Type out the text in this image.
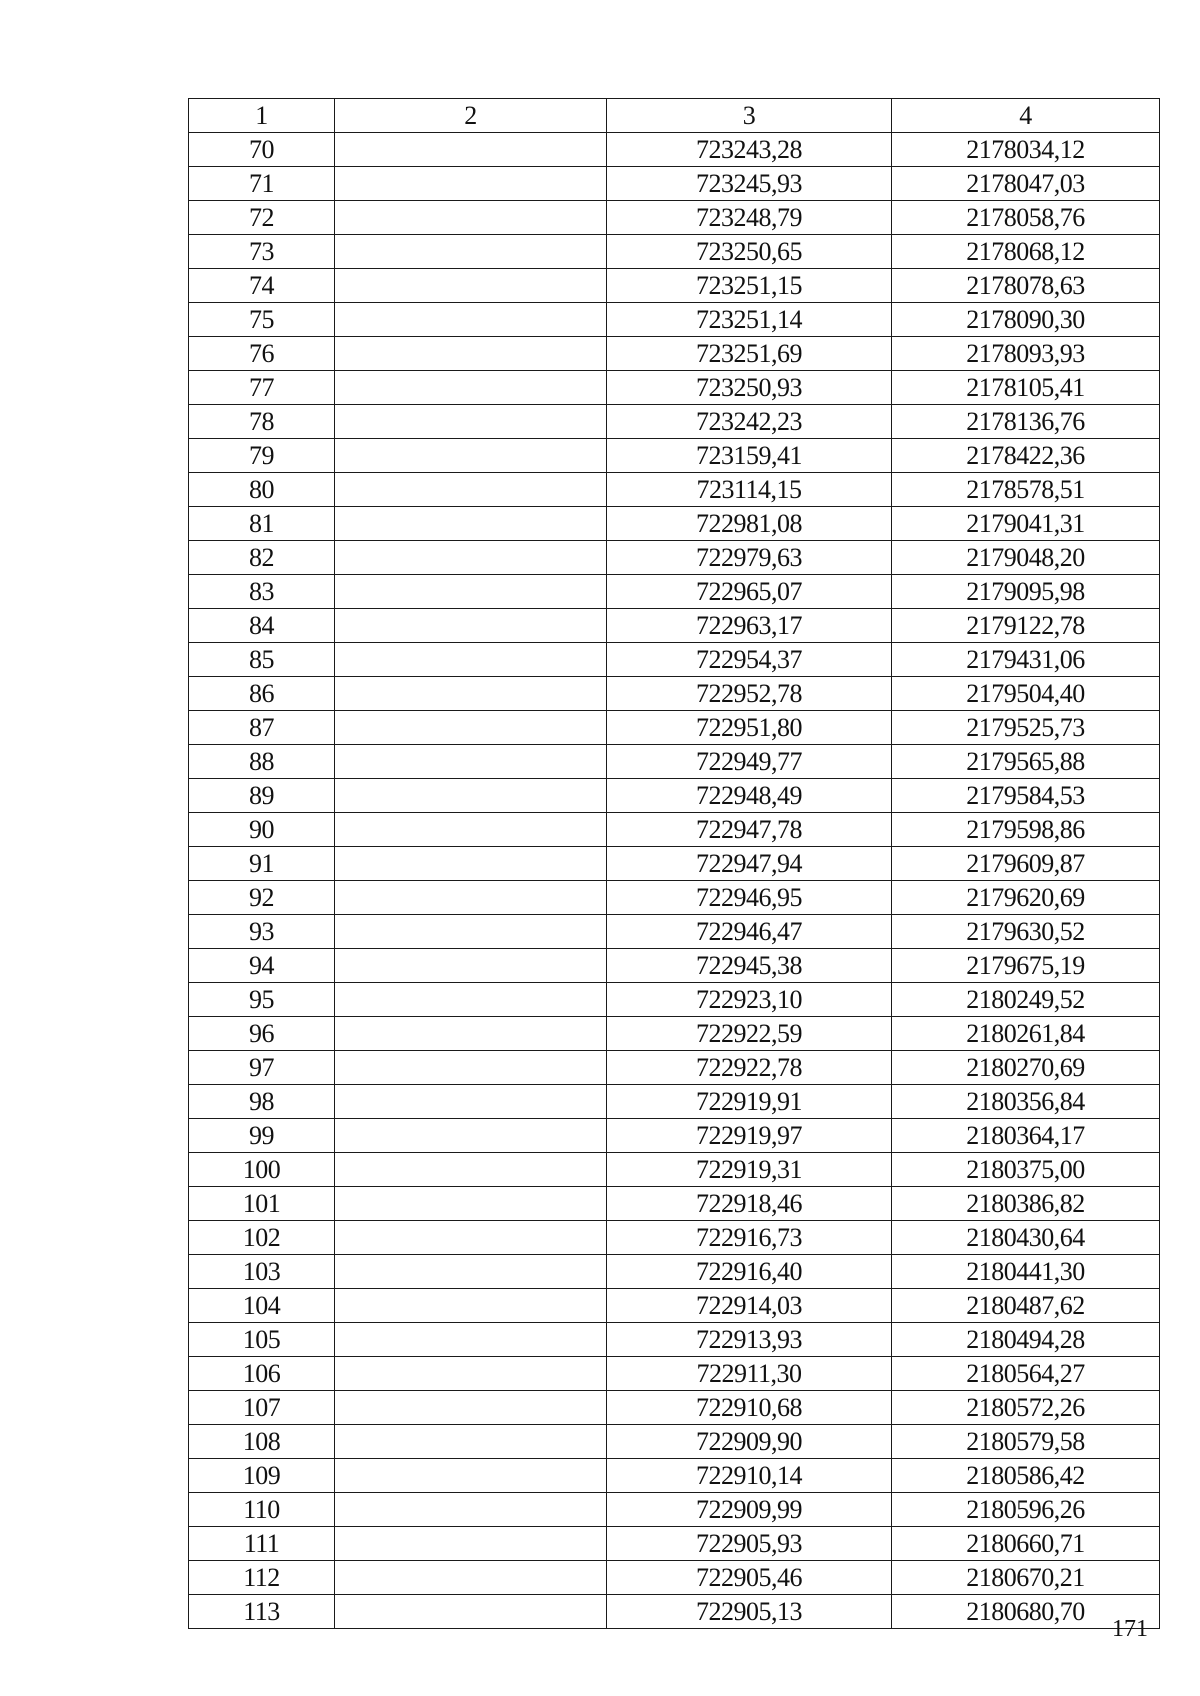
1	2	3	4
70		723243,28	2178034,12
71		723245,93	2178047,03
72		723248,79	2178058,76
73		723250,65	2178068,12
74		723251,15	2178078,63
75		723251,14	2178090,30
76		723251,69	2178093,93
77		723250,93	2178105,41
78		723242,23	2178136,76
79		723159,41	2178422,36
80		723114,15	2178578,51
81		722981,08	2179041,31
82		722979,63	2179048,20
83		722965,07	2179095,98
84		722963,17	2179122,78
85		722954,37	2179431,06
86		722952,78	2179504,40
87		722951,80	2179525,73
88		722949,77	2179565,88
89		722948,49	2179584,53
90		722947,78	2179598,86
91		722947,94	2179609,87
92		722946,95	2179620,69
93		722946,47	2179630,52
94		722945,38	2179675,19
95		722923,10	2180249,52
96		722922,59	2180261,84
97		722922,78	2180270,69
98		722919,91	2180356,84
99		722919,97	2180364,17
100		722919,31	2180375,00
101		722918,46	2180386,82
102		722916,73	2180430,64
103		722916,40	2180441,30
104		722914,03	2180487,62
105		722913,93	2180494,28
106		722911,30	2180564,27
107		722910,68	2180572,26
108		722909,90	2180579,58
109		722910,14	2180586,42
110		722909,99	2180596,26
111		722905,93	2180660,71
112		722905,46	2180670,21
113		722905,13	2180680,70
171
